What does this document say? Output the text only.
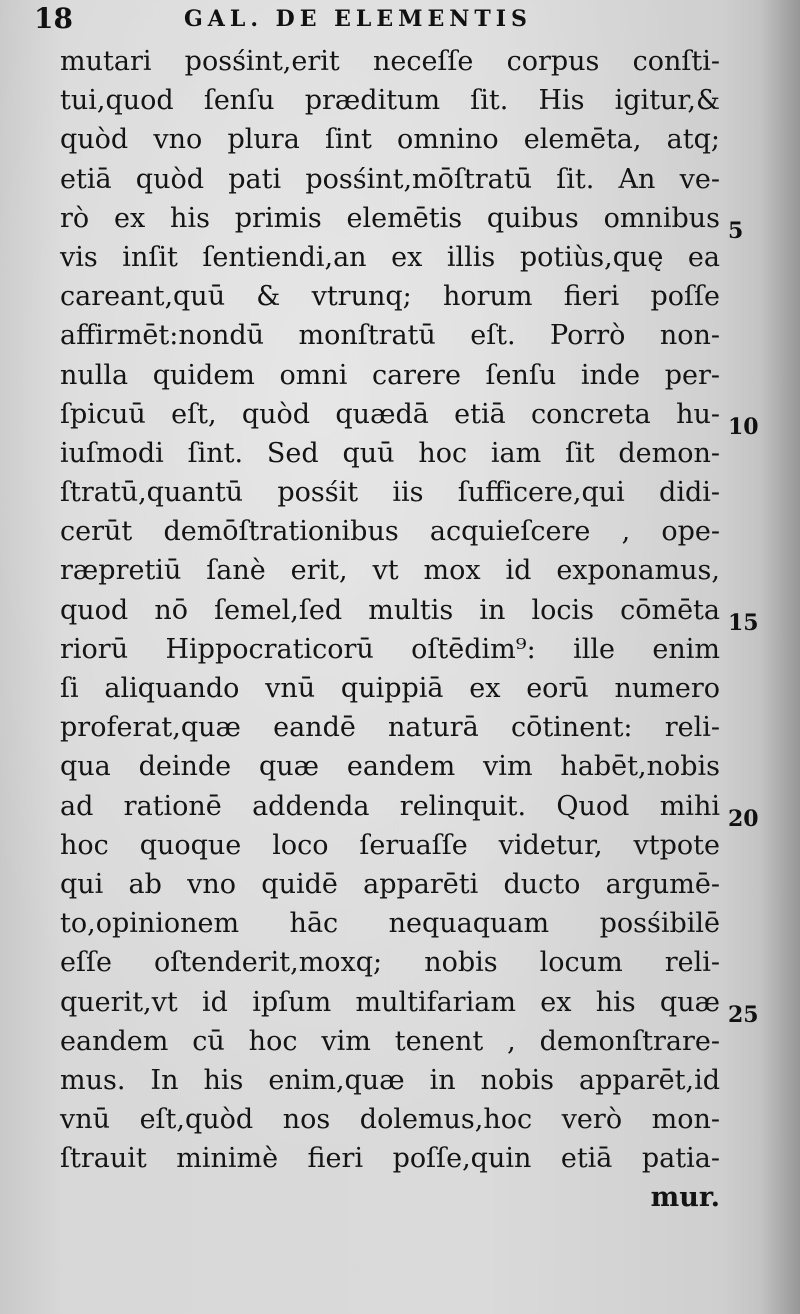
18	GAL. DE ELEMENTIS
mutari posśint,erit neceſſe corpus conſti-
tui,quod ſenſu præditum ſit. His igitur,&
quòd vno plura ſint omnino elemēta, atq;
etiā quòd pati posśint,mōſtratū ſit. An ve-
rò ex his primis elemētis quibus omnibus
vis inſit ſentiendi,an ex illis potiùs,quę ea
careant,quū & vtrunq; horum fieri poſſe
affirmēt:nondū monſtratū eſt. Porrò non-
nulla quidem omni carere ſenſu inde per-
ſpicuū eſt, quòd quædā etiā concreta hu-
iuſmodi ſint. Sed quū hoc iam ſit demon-
ſtratū,quantū posśit iis ſufficere,qui didi-
cerūt demōſtrationibus acquieſcere , ope-
ræpretiū ſanè erit, vt mox id exponamus,
quod nō ſemel,ſed multis in locis cōmēta
riorū Hippocraticorū oſtēdim⁹: ille enim
ſi aliquando vnū quippiā ex eorū numero
proferat,quæ eandē naturā cōtinent: reli-
qua deinde quæ eandem vim habēt,nobis
ad rationē addenda relinquit. Quod mihi
hoc quoque loco ſeruaſſe videtur, vtpote
qui ab vno quidē apparēti ducto argumē-
to,opinionem hāc nequaquam posśibilē
eſſe oſtenderit,moxq; nobis locum reli-
querit,vt id ipſum multifariam ex his quæ
eandem cū hoc vim tenent , demonſtrare-
mus. In his enim,quæ in nobis apparēt,id
vnū eſt,quòd nos dolemus,hoc verò mon-
ſtrauit minimè fieri poſſe,quin etiā patia-
mur.
5
10
15
20
25
